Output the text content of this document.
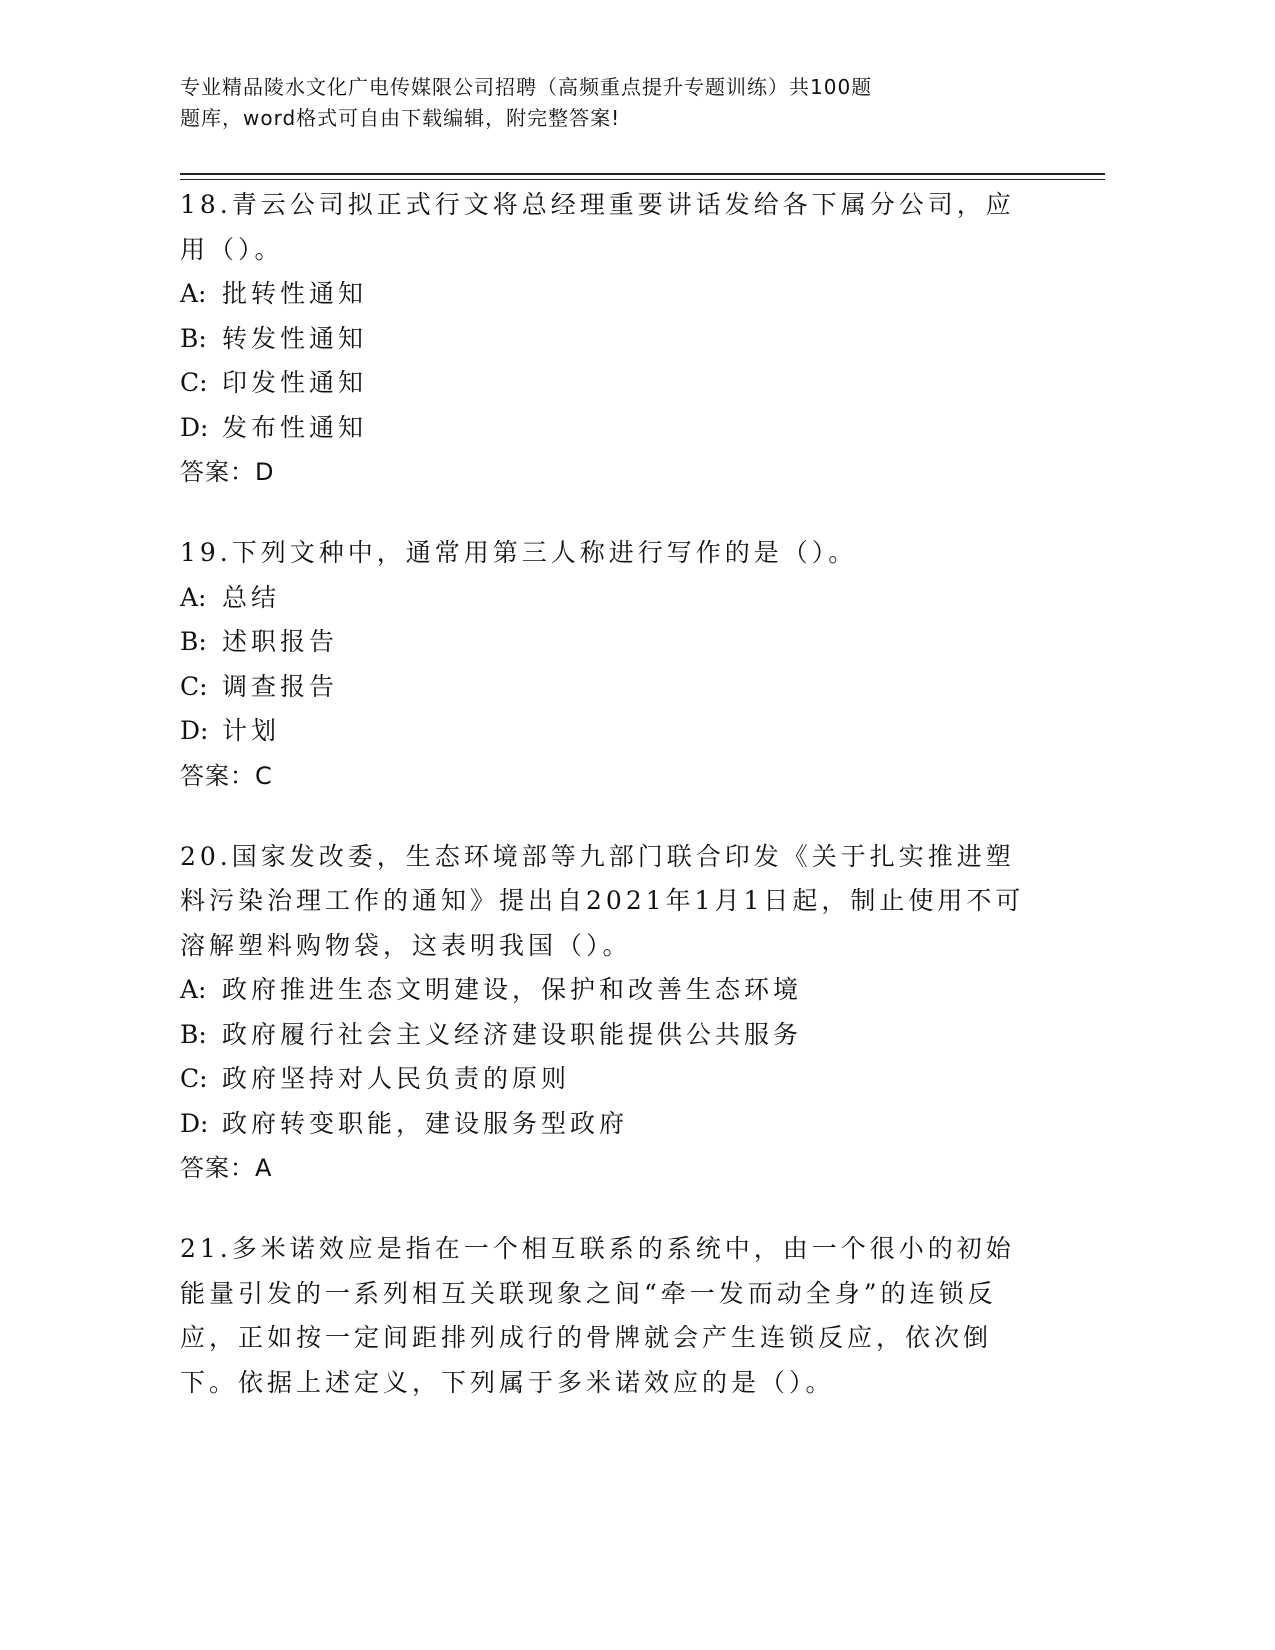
专业精品陵水文化广电传媒限公司招聘（高频重点提升专题训练）共100题
题库，word格式可自由下载编辑，附完整答案!
18.青云公司拟正式行文将总经理重要讲话发给各下属分公司，应用（）。
A: 批转性通知
B: 转发性通知
C: 印发性通知
D: 发布性通知
答案：D
19.下列文种中，通常用第三人称进行写作的是（）。
A: 总结
B: 述职报告
C: 调查报告
D: 计划
答案：C
20.国家发改委，生态环境部等九部门联合印发《关于扎实推进塑料污染治理工作的通知》提出自2021年1月1日起，制止使用不可溶解塑料购物袋，这表明我国（）。
A: 政府推进生态文明建设，保护和改善生态环境
B: 政府履行社会主义经济建设职能提供公共服务
C: 政府坚持对人民负责的原则
D: 政府转变职能，建设服务型政府
答案：A
21.多米诺效应是指在一个相互联系的系统中，由一个很小的初始能量引发的一系列相互关联现象之间“牵一发而动全身”的连锁反应，正如按一定间距排列成行的骨牌就会产生连锁反应，依次倒下。依据上述定义，下列属于多米诺效应的是（）。
